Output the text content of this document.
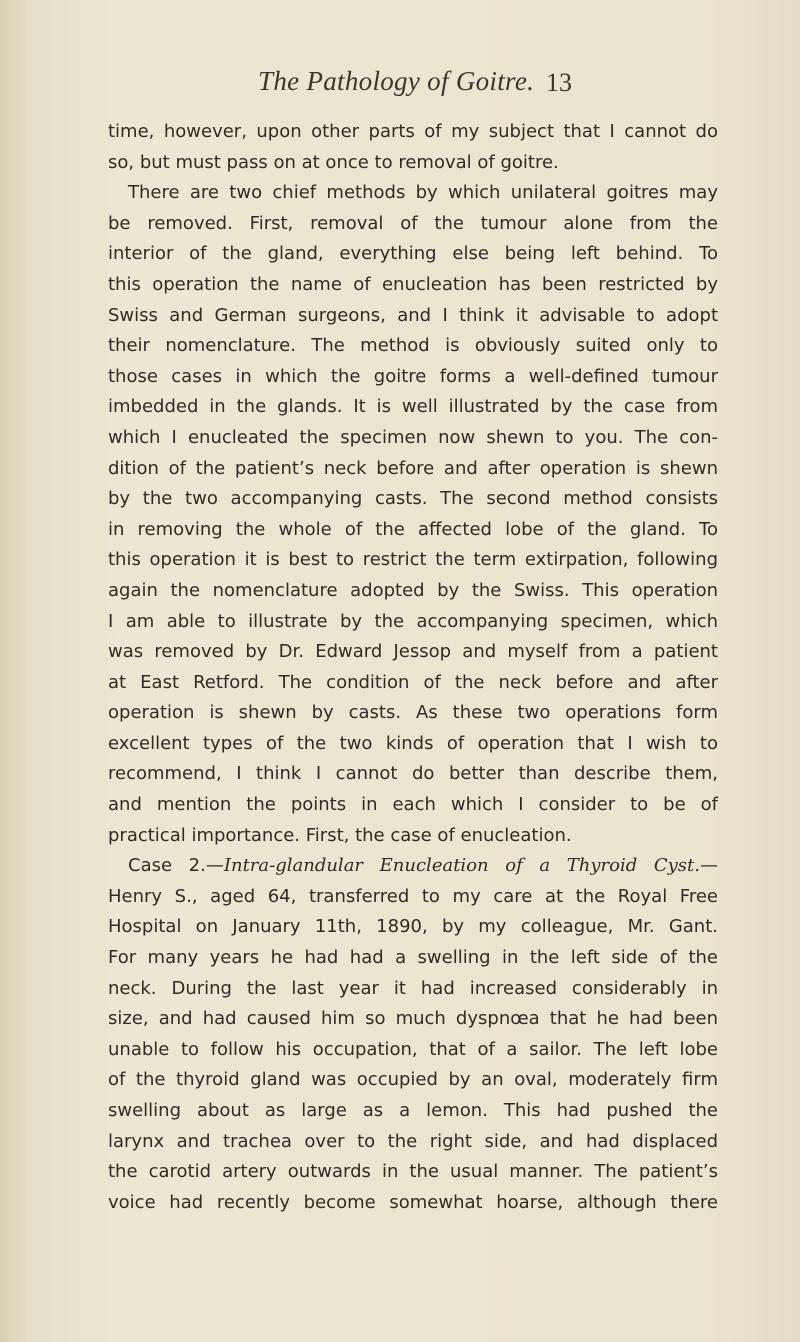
The Pathology of Goitre. 13
time, however, upon other parts of my subject that I cannot do
so, but must pass on at once to removal of goitre.
There are two chief methods by which unilateral goitres may
be removed. First, removal of the tumour alone from the
interior of the gland, everything else being left behind. To
this operation the name of enucleation has been restricted by
Swiss and German surgeons, and I think it advisable to adopt
their nomenclature. The method is obviously suited only to
those cases in which the goitre forms a well-defined tumour
imbedded in the glands. It is well illustrated by the case from
which I enucleated the specimen now shewn to you. The con-
dition of the patient’s neck before and after operation is shewn
by the two accompanying casts. The second method consists
in removing the whole of the affected lobe of the gland. To
this operation it is best to restrict the term extirpation, following
again the nomenclature adopted by the Swiss. This operation
I am able to illustrate by the accompanying specimen, which
was removed by Dr. Edward Jessop and myself from a patient
at East Retford. The condition of the neck before and after
operation is shewn by casts. As these two operations form
excellent types of the two kinds of operation that I wish to
recommend, I think I cannot do better than describe them,
and mention the points in each which I consider to be of
practical importance. First, the case of enucleation.
Case 2.—Intra-glandular Enucleation of a Thyroid Cyst.—
Henry S., aged 64, transferred to my care at the Royal Free
Hospital on January 11th, 1890, by my colleague, Mr. Gant.
For many years he had had a swelling in the left side of the
neck. During the last year it had increased considerably in
size, and had caused him so much dyspnœa that he had been
unable to follow his occupation, that of a sailor. The left lobe
of the thyroid gland was occupied by an oval, moderately firm
swelling about as large as a lemon. This had pushed the
larynx and trachea over to the right side, and had displaced
the carotid artery outwards in the usual manner. The patient’s
voice had recently become somewhat hoarse, although there
